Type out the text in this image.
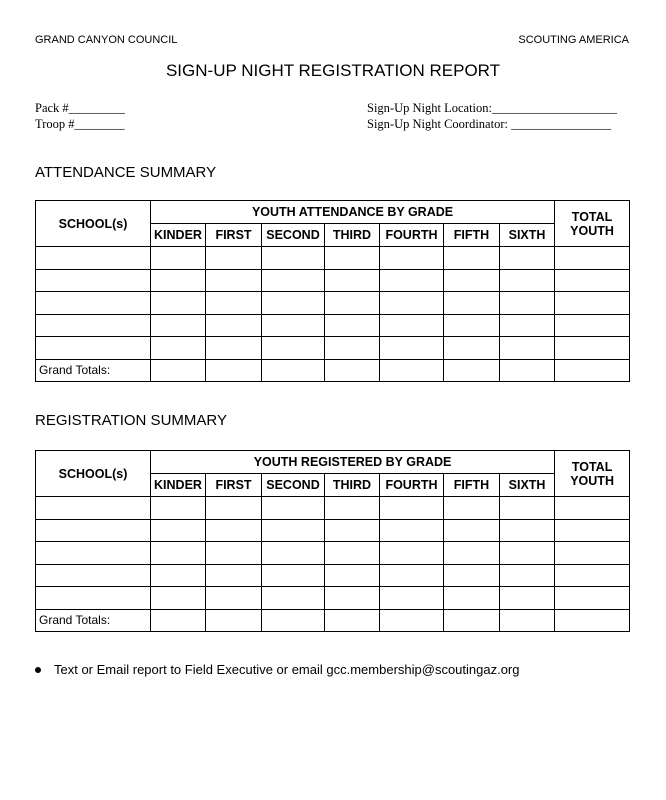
GRAND CANYON COUNCIL	SCOUTING AMERICA
SIGN-UP NIGHT REGISTRATION REPORT
Pack #_________
Troop #________
Sign-Up Night Location:____________________
Sign-Up Night Coordinator: ________________
ATTENDANCE SUMMARY
SCHOOL(s)	YOUTH ATTENDANCE BY GRADE							TOTAL YOUTH
	KINDER	FIRST	SECOND	THIRD	FOURTH	FIFTH	SIXTH	

Grand Totals:								
REGISTRATION SUMMARY
SCHOOL(s)	YOUTH REGISTERED BY GRADE							TOTAL YOUTH
	KINDER	FIRST	SECOND	THIRD	FOURTH	FIFTH	SIXTH	

Grand Totals:								
Text or Email report to Field Executive or email gcc.membership@scoutingaz.org
